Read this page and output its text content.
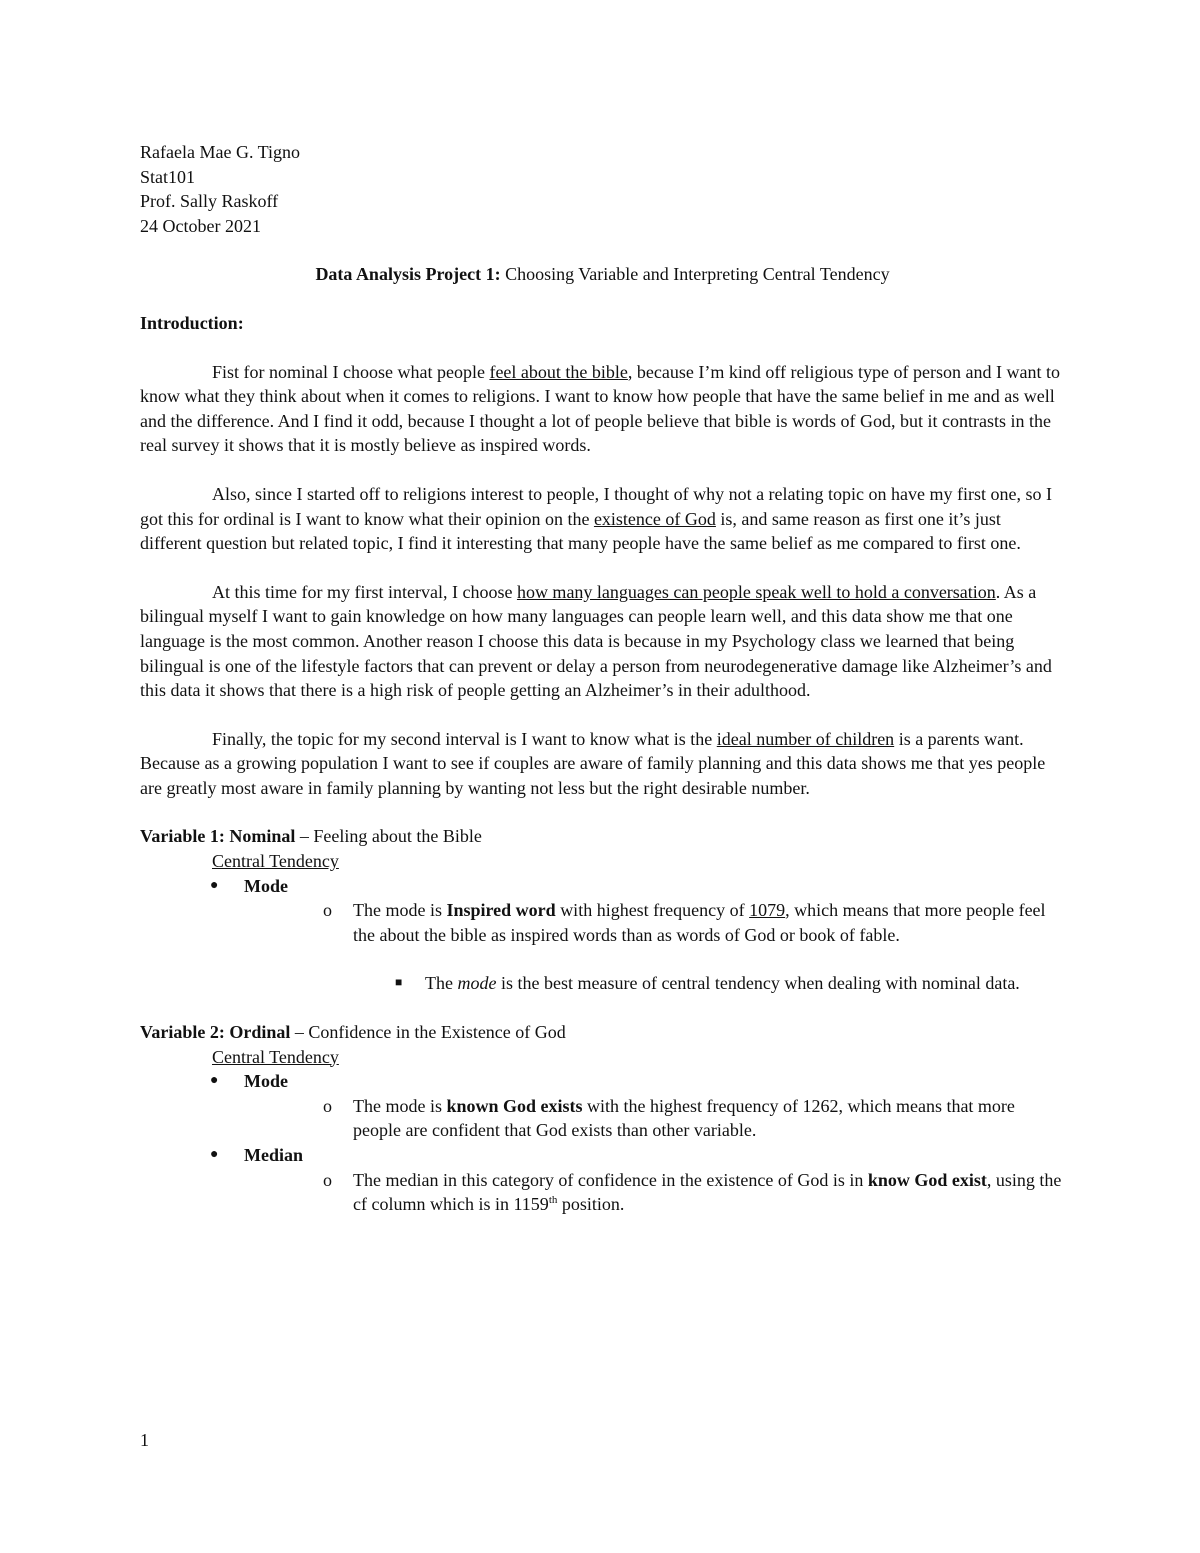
Rafaela Mae G. Tigno

Stat101

Prof. Sally Raskoff

24 October 2021

Data Analysis Project 1: Choosing Variable and Interpreting Central Tendency

Introduction:

Fist for nominal I choose what people feel about the bible, because I’m kind off religious type of person and I want to know what they think about when it comes to religions. I want to know how people that have the same belief in me and as well and the difference. And I find it odd, because I thought a lot of people believe that bible is words of God, but it contrasts in the real survey it shows that it is mostly believe as inspired words.

Also, since I started off to religions interest to people, I thought of why not a relating topic on have my first one, so I got this for ordinal is I want to know what their opinion on the existence of God is, and same reason as first one it’s just different question but related topic, I find it interesting that many people have the same belief as me compared to first one.

At this time for my first interval, I choose how many languages can people speak well to hold a conversation. As a bilingual myself I want to gain knowledge on how many languages can people learn well, and this data show me that one language is the most common. Another reason I choose this data is because in my Psychology class we learned that being bilingual is one of the lifestyle factors that can prevent or delay a person from neurodegenerative damage like Alzheimer’s and this data it shows that there is a high risk of people getting an Alzheimer’s in their adulthood.

Finally, the topic for my second interval is I want to know what is the ideal number of children is a parents want. Because as a growing population I want to see if couples are aware of family planning and this data shows me that yes people are greatly most aware in family planning by wanting not less but the right desirable number.

Variable 1: Nominal – Feeling about the Bible

Central Tendency

● Mode

o The mode is Inspired word with highest frequency of 1079, which means that more people feel the about the bible as inspired words than as words of God or book of fable.

■ The mode is the best measure of central tendency when dealing with nominal data.

Variable 2: Ordinal – Confidence in the Existence of God

Central Tendency

● Mode

o The mode is known God exists with the highest frequency of 1262, which means that more people are confident that God exists than other variable.

● Median

o The median in this category of confidence in the existence of God is in know God exist, using the cf column which is in 1159th position.

1
